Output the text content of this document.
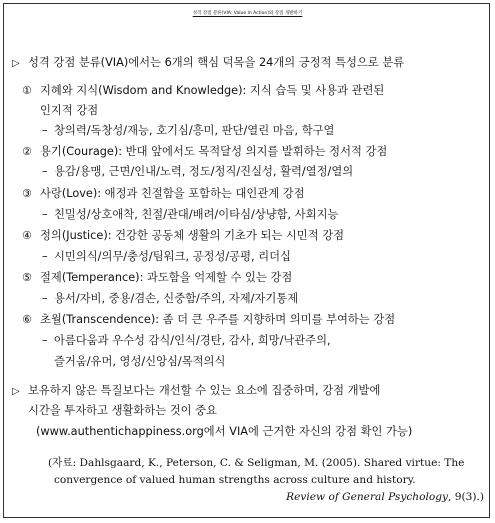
성격 강점 분류(VIA: Value In Action)와 강점 개발하기
▷ 성격 강점 분류(VIA)에서는 6개의 핵심 덕목을 24개의 긍정적 특성으로 분류
① 지혜와 지식(Wisdom and Knowledge): 지식 습득 및 사용과 관련된
인지적 강점
– 창의력/독창성/재능, 호기심/흥미, 판단/열린 마음, 학구열
② 용기(Courage): 반대 앞에서도 목적달성 의지를 발휘하는 정서적 강점
– 용감/용맹, 근면/인내/노력, 정도/정직/진실성, 활력/열정/열의
③ 사랑(Love): 애정과 친절함을 포함하는 대인관계 강점
– 친밀성/상호애착, 친절/관대/배려/이타심/상냥함, 사회지능
④ 정의(Justice): 건강한 공동체 생활의 기초가 되는 시민적 강점
– 시민의식/의무/충성/팀워크, 공정성/공평, 리더십
⑤ 절제(Temperance): 과도함을 억제할 수 있는 강점
– 용서/자비, 중용/겸손, 신중함/주의, 자제/자기통제
⑥ 초월(Transcendence): 좀 더 큰 우주를 지향하며 의미를 부여하는 강점
– 아름다움과 우수성 감식/인식/경탄, 감사, 희망/낙관주의,
즐거움/유머, 영성/신앙심/목적의식
▷ 보유하지 않은 특질보다는 개선할 수 있는 요소에 집중하며, 강점 개발에
시간을 투자하고 생활화하는 것이 중요
(www.authentichappiness.org에서 VIA에 근거한 자신의 강점 확인 가능)
(자료: Dahlsgaard, K., Peterson, C. & Seligman, M. (2005). Shared virtue: The
convergence of valued human strengths across culture and history.
Review of General Psychology, 9(3).)
